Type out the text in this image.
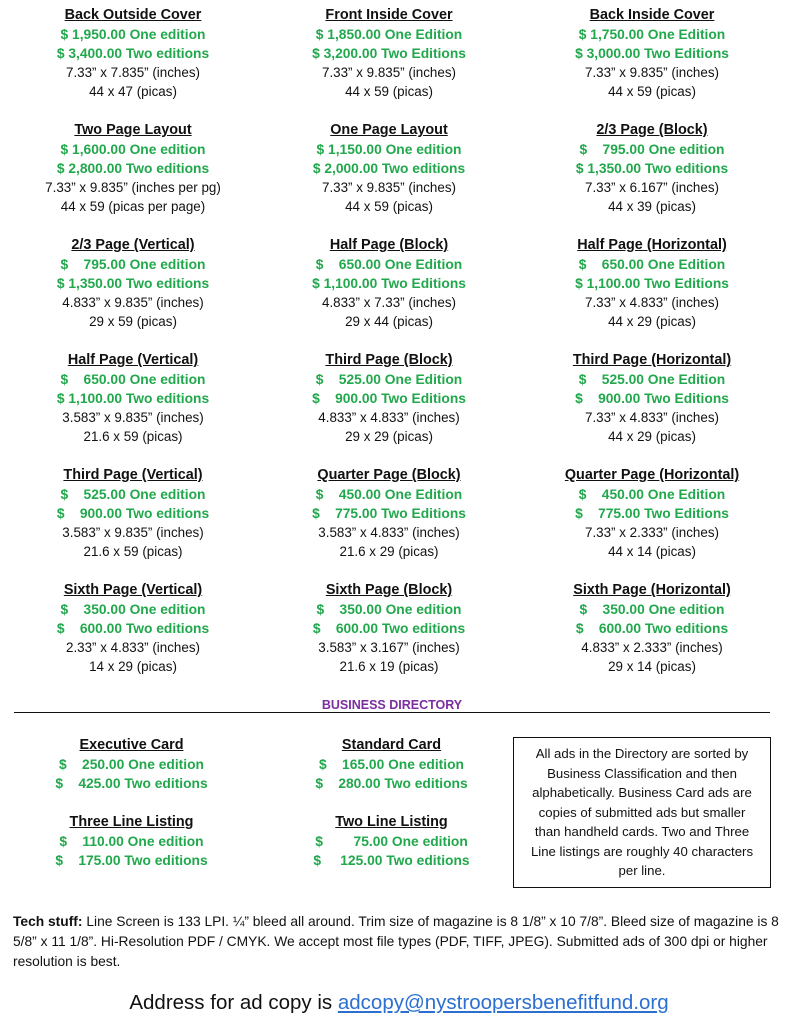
Back Outside Cover
$ 1,950.00 One edition
$ 3,400.00 Two editions
7.33” x 7.835” (inches)
44 x 47 (picas)
Front Inside Cover
$ 1,850.00 One Edition
$ 3,200.00 Two Editions
7.33” x 9.835” (inches)
44 x 59 (picas)
Back Inside Cover
$ 1,750.00 One Edition
$ 3,000.00 Two Editions
7.33” x 9.835” (inches)
44 x 59 (picas)
Two Page Layout
$ 1,600.00 One edition
$ 2,800.00 Two editions
7.33” x 9.835” (inches per pg)
44 x 59 (picas per page)
One Page Layout
$ 1,150.00 One edition
$ 2,000.00 Two editions
7.33” x 9.835” (inches)
44 x 59 (picas)
2/3 Page (Block)
$    795.00 One edition
$ 1,350.00 Two editions
7.33” x 6.167” (inches)
44 x 39 (picas)
2/3 Page (Vertical)
$    795.00 One edition
$ 1,350.00 Two editions
4.833” x 9.835” (inches)
29 x 59 (picas)
Half Page (Block)
$    650.00 One Edition
$ 1,100.00 Two Editions
4.833” x 7.33” (inches)
29 x 44 (picas)
Half Page (Horizontal)
$    650.00 One Edition
$ 1,100.00 Two Editions
7.33” x 4.833” (inches)
44 x 29 (picas)
Half Page (Vertical)
$    650.00 One edition
$ 1,100.00 Two editions
3.583” x 9.835” (inches)
21.6 x 59 (picas)
Third Page (Block)
$    525.00 One Edition
$    900.00 Two Editions
4.833” x 4.833” (inches)
29 x 29 (picas)
Third Page (Horizontal)
$    525.00 One Edition
$    900.00 Two Editions
7.33” x 4.833” (inches)
44 x 29 (picas)
Third Page (Vertical)
$    525.00 One edition
$    900.00 Two editions
3.583” x 9.835” (inches)
21.6 x 59 (picas)
Quarter Page (Block)
$    450.00 One Edition
$    775.00 Two Editions
3.583” x 4.833” (inches)
21.6 x 29 (picas)
Quarter Page (Horizontal)
$    450.00 One Edition
$    775.00 Two Editions
7.33” x 2.333” (inches)
44 x 14 (picas)
Sixth Page (Vertical)
$    350.00 One edition
$    600.00 Two editions
2.33” x 4.833” (inches)
14 x 29 (picas)
Sixth Page (Block)
$    350.00 One edition
$    600.00 Two editions
3.583” x 3.167” (inches)
21.6 x 19 (picas)
Sixth Page (Horizontal)
$    350.00 One edition
$    600.00 Two editions
4.833” x 2.333” (inches)
29 x 14 (picas)
BUSINESS DIRECTORY
Executive Card
$    250.00 One edition
$    425.00 Two editions
Three Line Listing
$    110.00 One edition
$    175.00 Two editions
Standard Card
$    165.00 One edition
$    280.00 Two editions
Two Line Listing
$        75.00 One edition
$     125.00 Two editions
All ads in the Directory are sorted by Business Classification and then alphabetically. Business Card ads are copies of submitted ads but smaller than handheld cards. Two and Three Line listings are roughly 40 characters per line.
Tech stuff: Line Screen is 133 LPI. ¼” bleed all around. Trim size of magazine is 8 1/8” x 10 7/8”. Bleed size of magazine is 8 5/8” x 11 1/8”. Hi-Resolution PDF / CMYK. We accept most file types (PDF, TIFF, JPEG). Submitted ads of 300 dpi or higher resolution is best.
Address for ad copy is adcopy@nystroopersbenefitfund.org
